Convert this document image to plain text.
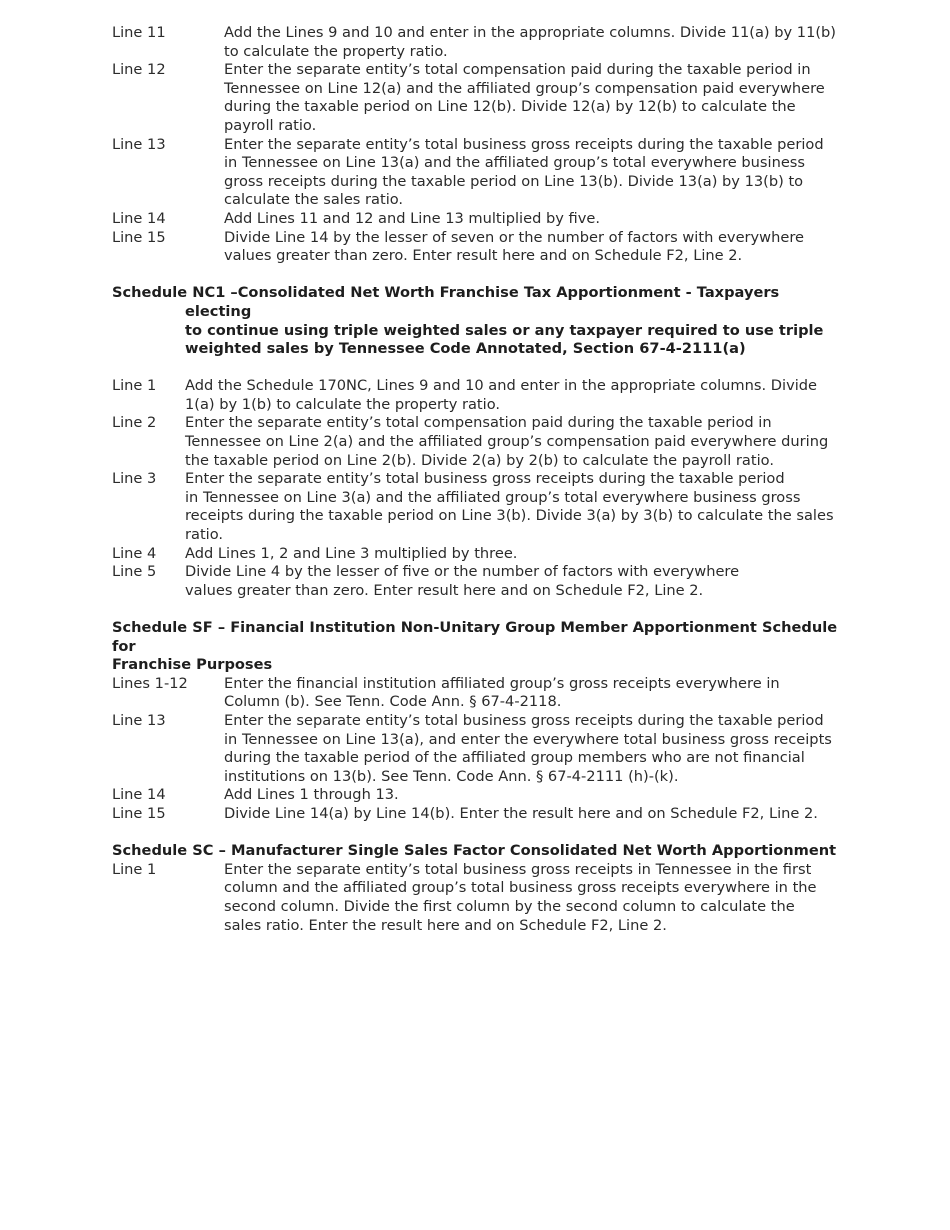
Line 11	Add the Lines 9 and 10 and enter in the appropriate columns. Divide 11(a) by 11(b)
to calculate the property ratio.
Line 12	Enter the separate entity’s total compensation paid during the taxable period in
Tennessee on Line 12(a) and the affiliated group’s compensation paid everywhere
during the taxable period on Line 12(b). Divide 12(a) by 12(b) to calculate the
payroll ratio.
Line 13	Enter the separate entity’s total business gross receipts during the taxable period
in Tennessee on Line 13(a) and the affiliated group’s total everywhere business
gross receipts during the taxable period on Line 13(b). Divide 13(a) by 13(b) to
calculate the sales ratio.
Line 14	Add Lines 11 and 12 and Line 13 multiplied by five.
Line 15	Divide Line 14 by the lesser of seven or the number of factors with everywhere
values greater than zero. Enter result here and on Schedule F2, Line 2.
Schedule NC1 –Consolidated Net Worth Franchise Tax Apportionment - Taxpayers electing
to continue using triple weighted sales or any taxpayer required to use triple
weighted sales by Tennessee Code Annotated, Section 67-4-2111(a)
Line 1	Add the Schedule 170NC, Lines 9 and 10 and enter in the appropriate columns. Divide
1(a) by 1(b) to calculate the property ratio.
Line 2	Enter the separate entity’s total compensation paid during the taxable period in
Tennessee on Line 2(a) and the affiliated group’s compensation paid everywhere during
the taxable period on Line 2(b). Divide 2(a) by 2(b) to calculate the payroll ratio.
Line 3	Enter the separate entity’s total business gross receipts during the taxable period
in Tennessee on Line 3(a) and the affiliated group’s total everywhere business gross
receipts during the taxable period on Line 3(b). Divide 3(a) by 3(b) to calculate the sales
ratio.
Line 4	Add Lines 1, 2 and Line 3 multiplied by three.
Line 5	Divide Line 4 by the lesser of five or the number of factors with everywhere
values greater than zero. Enter result here and on Schedule F2, Line 2.
Schedule SF – Financial Institution Non-Unitary Group Member Apportionment Schedule for
Franchise Purposes
Lines 1-12	Enter the financial institution affiliated group’s gross receipts everywhere in
Column (b). See Tenn. Code Ann. § 67-4-2118.
Line 13	Enter the separate entity’s total business gross receipts during the taxable period
in Tennessee on Line 13(a), and enter the everywhere total business gross receipts
during the taxable period of the affiliated group members who are not financial
institutions on 13(b). See Tenn. Code Ann. § 67-4-2111 (h)-(k).
Line 14	Add Lines 1 through 13.
Line 15	Divide Line 14(a) by Line 14(b). Enter the result here and on Schedule F2, Line 2.
Schedule SC – Manufacturer Single Sales Factor Consolidated Net Worth Apportionment
Line 1	Enter the separate entity’s total business gross receipts in Tennessee in the first
column and the affiliated group’s total business gross receipts everywhere in the
second column. Divide the first column by the second column to calculate the
sales ratio. Enter the result here and on Schedule F2, Line 2.
